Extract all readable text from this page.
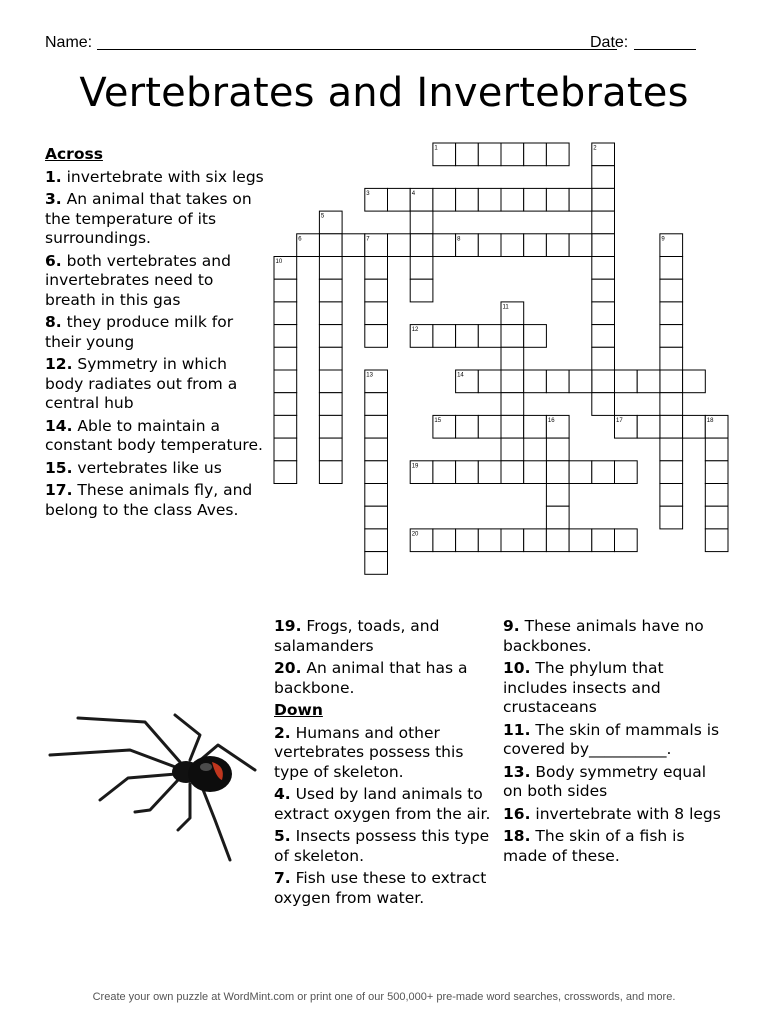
Name:	Date:
Vertebrates and Invertebrates
1	2
3	4
5
6	7	8	9
10
11
12
13	14
15	16	17	18
19
20
Across
1. invertebrate with six legs
3. An animal that takes on the temperature of its surroundings.
6. both vertebrates and invertebrates need to breath in this gas
8. they produce milk for their young
12. Symmetry in which body radiates out from a central hub
14. Able to maintain a constant body temperature.
15. vertebrates like us
17. These animals fly, and belong to the class Aves.
19. Frogs, toads, and salamanders
20. An animal that has a backbone.
Down
2. Humans and other vertebrates possess this type of skeleton.
4. Used by land animals to extract oxygen from the air.
5. Insects possess this type of skeleton.
7. Fish use these to extract oxygen from water.
9. These animals have no backbones.
10. The phylum that includes insects and crustaceans
11. The skin of mammals is covered by__________.
13. Body symmetry equal on both sides
16. invertebrate with 8 legs
18. The skin of a fish is made of these.
Create your own puzzle at WordMint.com or print one of our 500,000+ pre-made word searches, crosswords, and more.
